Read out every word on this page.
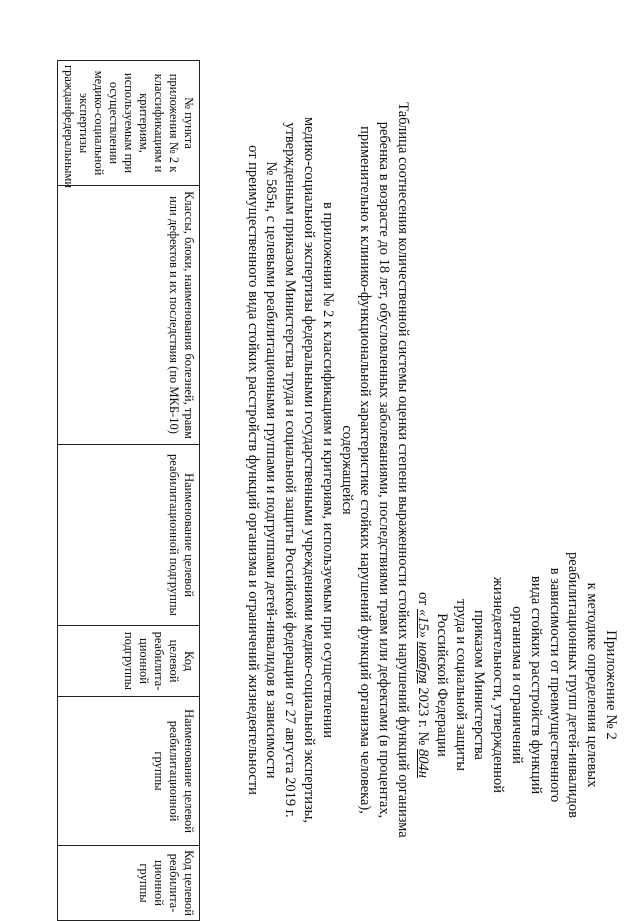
Приложение № 2
к методике определения целевых
реабилитационных групп детей-инвалидов
в зависимости от преимущественного
вида стойких расстройств функций
организма и ограничений
жизнедеятельности, утвержденной
приказом Министерства
труда и социальной защиты
Российской Федерации
от «15» ноября 2023 г. № 804н
Таблица соотнесения количественной системы оценки степени выраженности стойких нарушений функций организма
ребенка в возрасте до 18 лет, обусловленных заболеваниями, последствиями травм или дефектами (в процентах,
применительно к клинико-функциональной характеристике стойких нарушений функций организма человека), содержащейся
в приложении № 2 к классификациям и критериям, используемым при осуществлении
медико-социальной экспертизы федеральными государственными учреждениями медико-социальной экспертизы,
утвержденным приказом Министерства труда и социальной защиты Российской федерации от 27 августа 2019 г.
№ 585н, с целевыми реабилитационными группами и подгруппами детей-инвалидов в зависимости
от преимущественного вида стойких расстройств функций организма и ограничений жизнедеятельности
№ пункта приложения № 2 к классификациям и критериям, используемым при осуществлении медико-социальной экспертизы гражданфедеральными	Классы, блоки, наименования болезней, травм или дефектов и их последствия (по МКБ-10)	Наименование целевой реабилитационной подгруппы	Код целевой реабилита-ционной подгруппы	Наименование целевой реабилитационной группы	Код целевой реабилита-ционной группы
